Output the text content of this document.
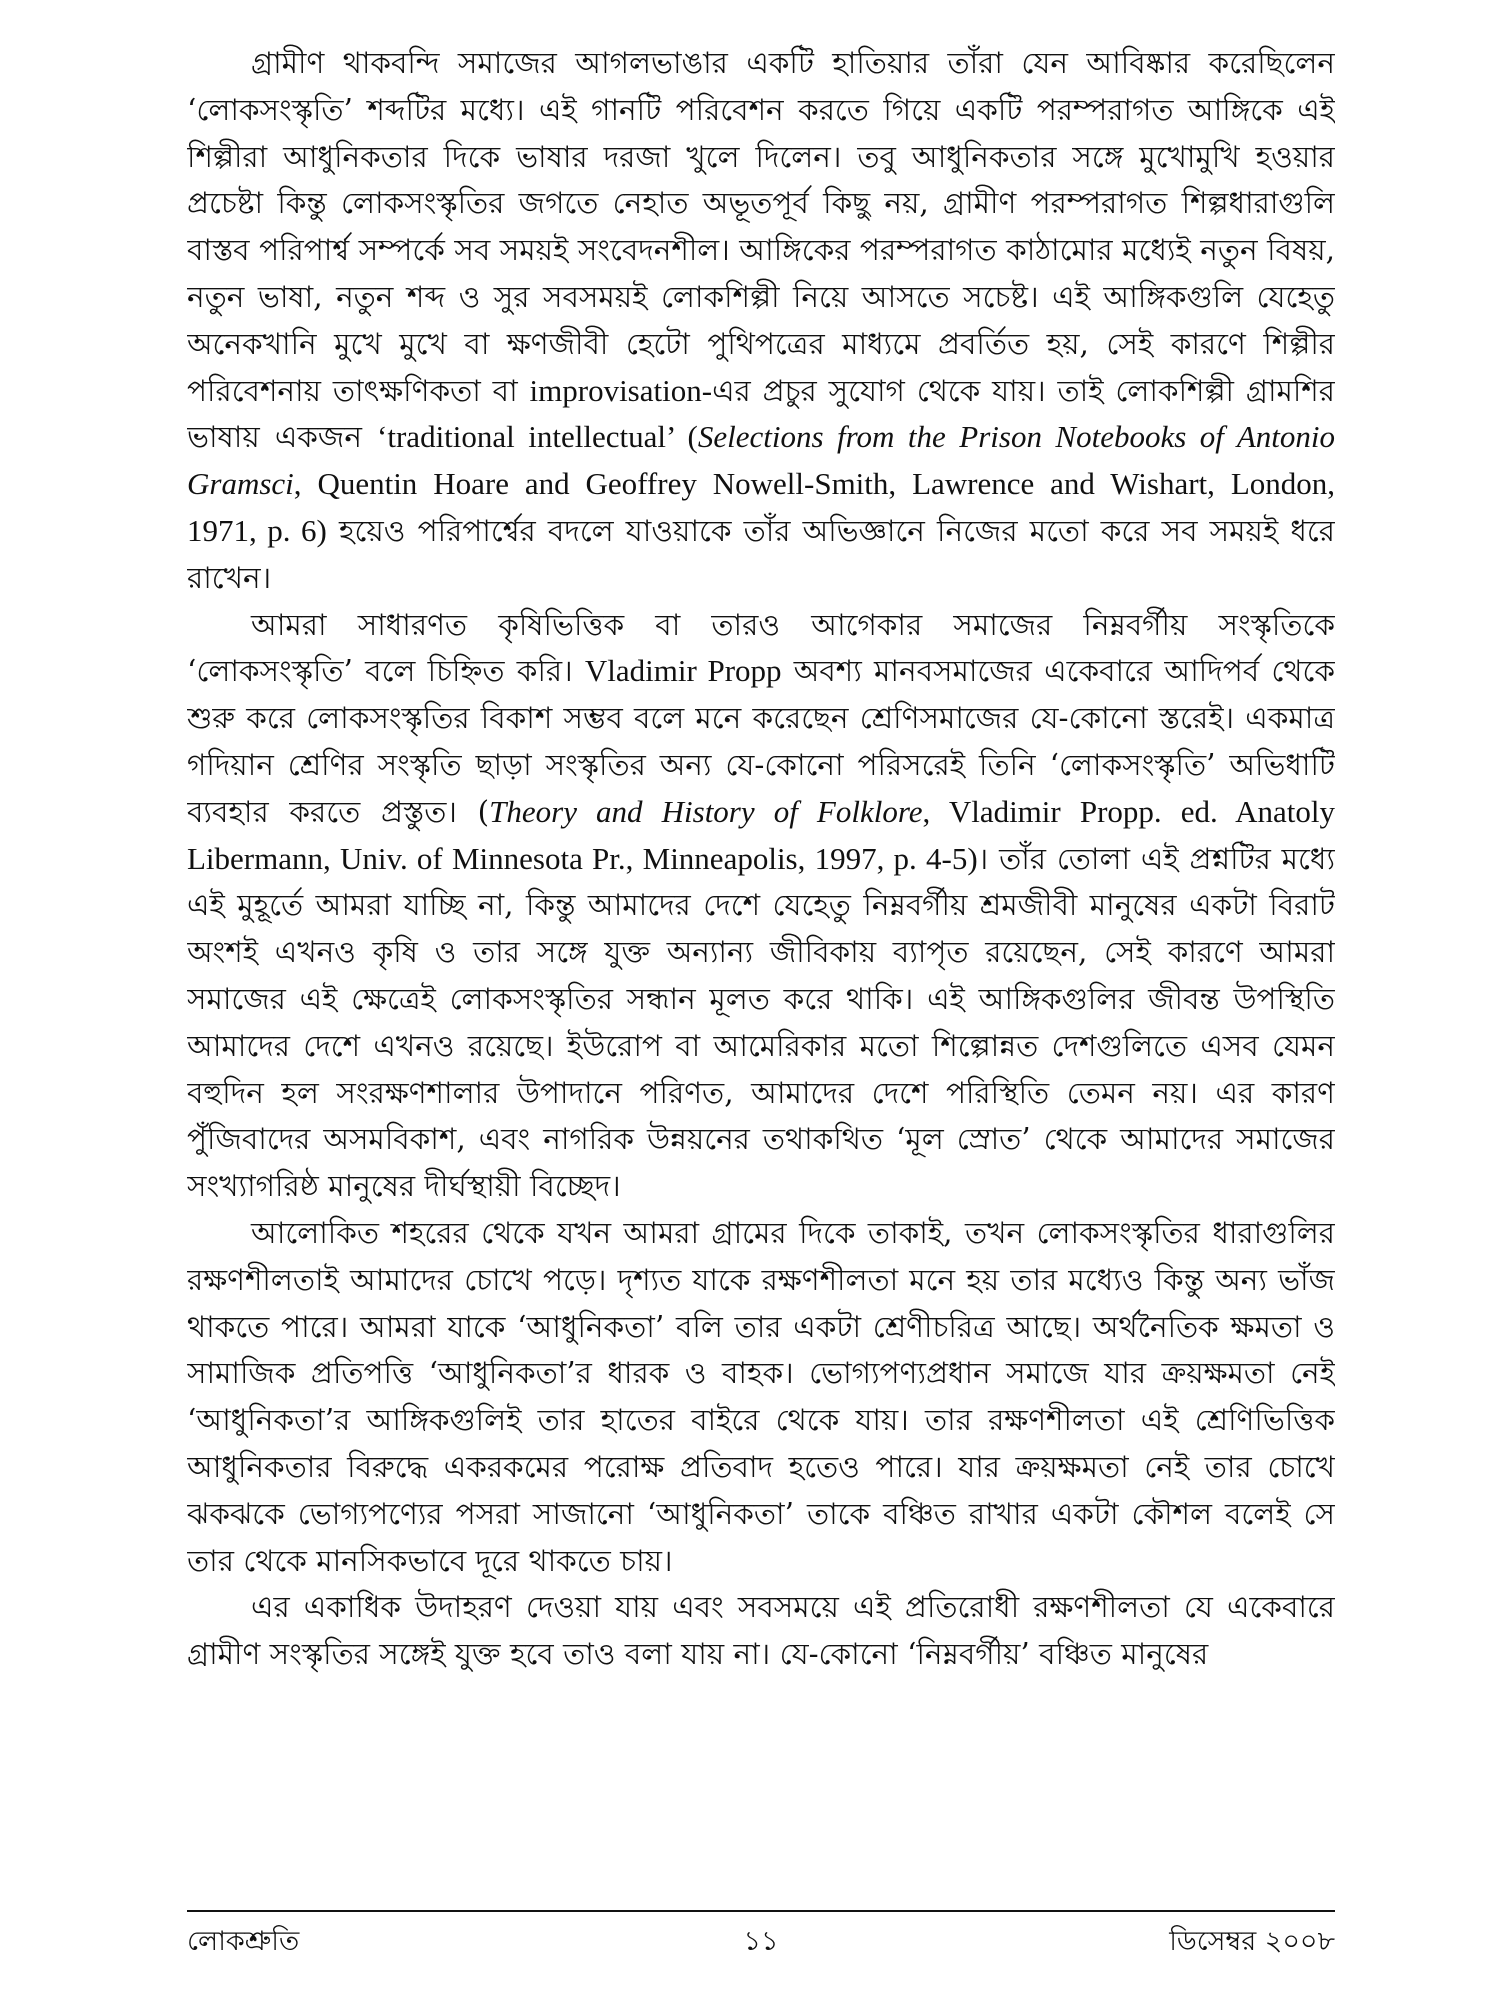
গ্রামীণ থাকবন্দি সমাজের আগলভাঙার একটি হাতিয়ার তাঁরা যেন আবিষ্কার করেছিলেন ‘লোকসংস্কৃতি’ শব্দটির মধ্যে। এই গানটি পরিবেশন করতে গিয়ে একটি পরম্পরাগত আঙ্গিকে এই শিল্পীরা আধুনিকতার দিকে ভাষার দরজা খুলে দিলেন। তবু আধুনিকতার সঙ্গে মুখোমুখি হওয়ার প্রচেষ্টা কিন্তু লোকসংস্কৃতির জগতে নেহাত অভূতপূর্ব কিছু নয়, গ্রামীণ পরম্পরাগত শিল্পধারাগুলি বাস্তব পরিপার্শ্ব সম্পর্কে সব সময়ই সংবেদনশীল। আঙ্গিকের পরম্পরাগত কাঠামোর মধ্যেই নতুন বিষয়, নতুন ভাষা, নতুন শব্দ ও সুর সবসময়ই লোকশিল্পী নিয়ে আসতে সচেষ্ট। এই আঙ্গিকগুলি যেহেতু অনেকখানি মুখে মুখে বা ক্ষণজীবী হেটো পুথিপত্রের মাধ্যমে প্রবর্তিত হয়, সেই কারণে শিল্পীর পরিবেশনায় তাৎক্ষণিকতা বা improvisation-এর প্রচুর সুযোগ থেকে যায়। তাই লোকশিল্পী গ্রামশির ভাষায় একজন ‘traditional intellectual’ (Selections from the Prison Notebooks of Antonio Gramsci, Quentin Hoare and Geoffrey Nowell-Smith, Lawrence and Wishart, London, 1971, p. 6) হয়েও পরিপার্শ্বের বদলে যাওয়াকে তাঁর অভিজ্ঞানে নিজের মতো করে সব সময়ই ধরে রাখেন।

আমরা সাধারণত কৃষিভিত্তিক বা তারও আগেকার সমাজের নিম্নবর্গীয় সংস্কৃতিকে ‘লোকসংস্কৃতি’ বলে চিহ্নিত করি। Vladimir Propp অবশ্য মানবসমাজের একেবারে আদিপর্ব থেকে শুরু করে লোকসংস্কৃতির বিকাশ সম্ভব বলে মনে করেছেন শ্রেণিসমাজের যে-কোনো স্তরেই। একমাত্র গদিয়ান শ্রেণির সংস্কৃতি ছাড়া সংস্কৃতির অন্য যে-কোনো পরিসরেই তিনি ‘লোকসংস্কৃতি’ অভিধাটি ব্যবহার করতে প্রস্তুত। (Theory and History of Folklore, Vladimir Propp. ed. Anatoly Libermann, Univ. of Minnesota Pr., Minneapolis, 1997, p. 4-5)। তাঁর তোলা এই প্রশ্নটির মধ্যে এই মুহূর্তে আমরা যাচ্ছি না, কিন্তু আমাদের দেশে যেহেতু নিম্নবর্গীয় শ্রমজীবী মানুষের একটা বিরাট অংশই এখনও কৃষি ও তার সঙ্গে যুক্ত অন্যান্য জীবিকায় ব্যাপৃত রয়েছেন, সেই কারণে আমরা সমাজের এই ক্ষেত্রেই লোকসংস্কৃতির সন্ধান মূলত করে থাকি। এই আঙ্গিকগুলির জীবন্ত উপস্থিতি আমাদের দেশে এখনও রয়েছে। ইউরোপ বা আমেরিকার মতো শিল্পোন্নত দেশগুলিতে এসব যেমন বহুদিন হল সংরক্ষণশালার উপাদানে পরিণত, আমাদের দেশে পরিস্থিতি তেমন নয়। এর কারণ পুঁজিবাদের অসমবিকাশ, এবং নাগরিক উন্নয়নের তথাকথিত ‘মূল স্রোত’ থেকে আমাদের সমাজের সংখ্যাগরিষ্ঠ মানুষের দীর্ঘস্থায়ী বিচ্ছেদ।

আলোকিত শহরের থেকে যখন আমরা গ্রামের দিকে তাকাই, তখন লোকসংস্কৃতির ধারাগুলির রক্ষণশীলতাই আমাদের চোখে পড়ে। দৃশ্যত যাকে রক্ষণশীলতা মনে হয় তার মধ্যেও কিন্তু অন্য ভাঁজ থাকতে পারে। আমরা যাকে ‘আধুনিকতা’ বলি তার একটা শ্রেণীচরিত্র আছে। অর্থনৈতিক ক্ষমতা ও সামাজিক প্রতিপত্তি ‘আধুনিকতা’র ধারক ও বাহক। ভোগ্যপণ্যপ্রধান সমাজে যার ক্রয়ক্ষমতা নেই ‘আধুনিকতা’র আঙ্গিকগুলিই তার হাতের বাইরে থেকে যায়। তার রক্ষণশীলতা এই শ্রেণিভিত্তিক আধুনিকতার বিরুদ্ধে একরকমের পরোক্ষ প্রতিবাদ হতেও পারে। যার ক্রয়ক্ষমতা নেই তার চোখে ঝকঝকে ভোগ্যপণ্যের পসরা সাজানো ‘আধুনিকতা’ তাকে বঞ্চিত রাখার একটা কৌশল বলেই সে তার থেকে মানসিকভাবে দূরে থাকতে চায়।

এর একাধিক উদাহরণ দেওয়া যায় এবং সবসময়ে এই প্রতিরোধী রক্ষণশীলতা যে একেবারে গ্রামীণ সংস্কৃতির সঙ্গেই যুক্ত হবে তাও বলা যায় না। যে-কোনো ‘নিম্নবর্গীয়’ বঞ্চিত মানুষের

লোকশ্রুতি	১১	ডিসেম্বর ২০০৮
